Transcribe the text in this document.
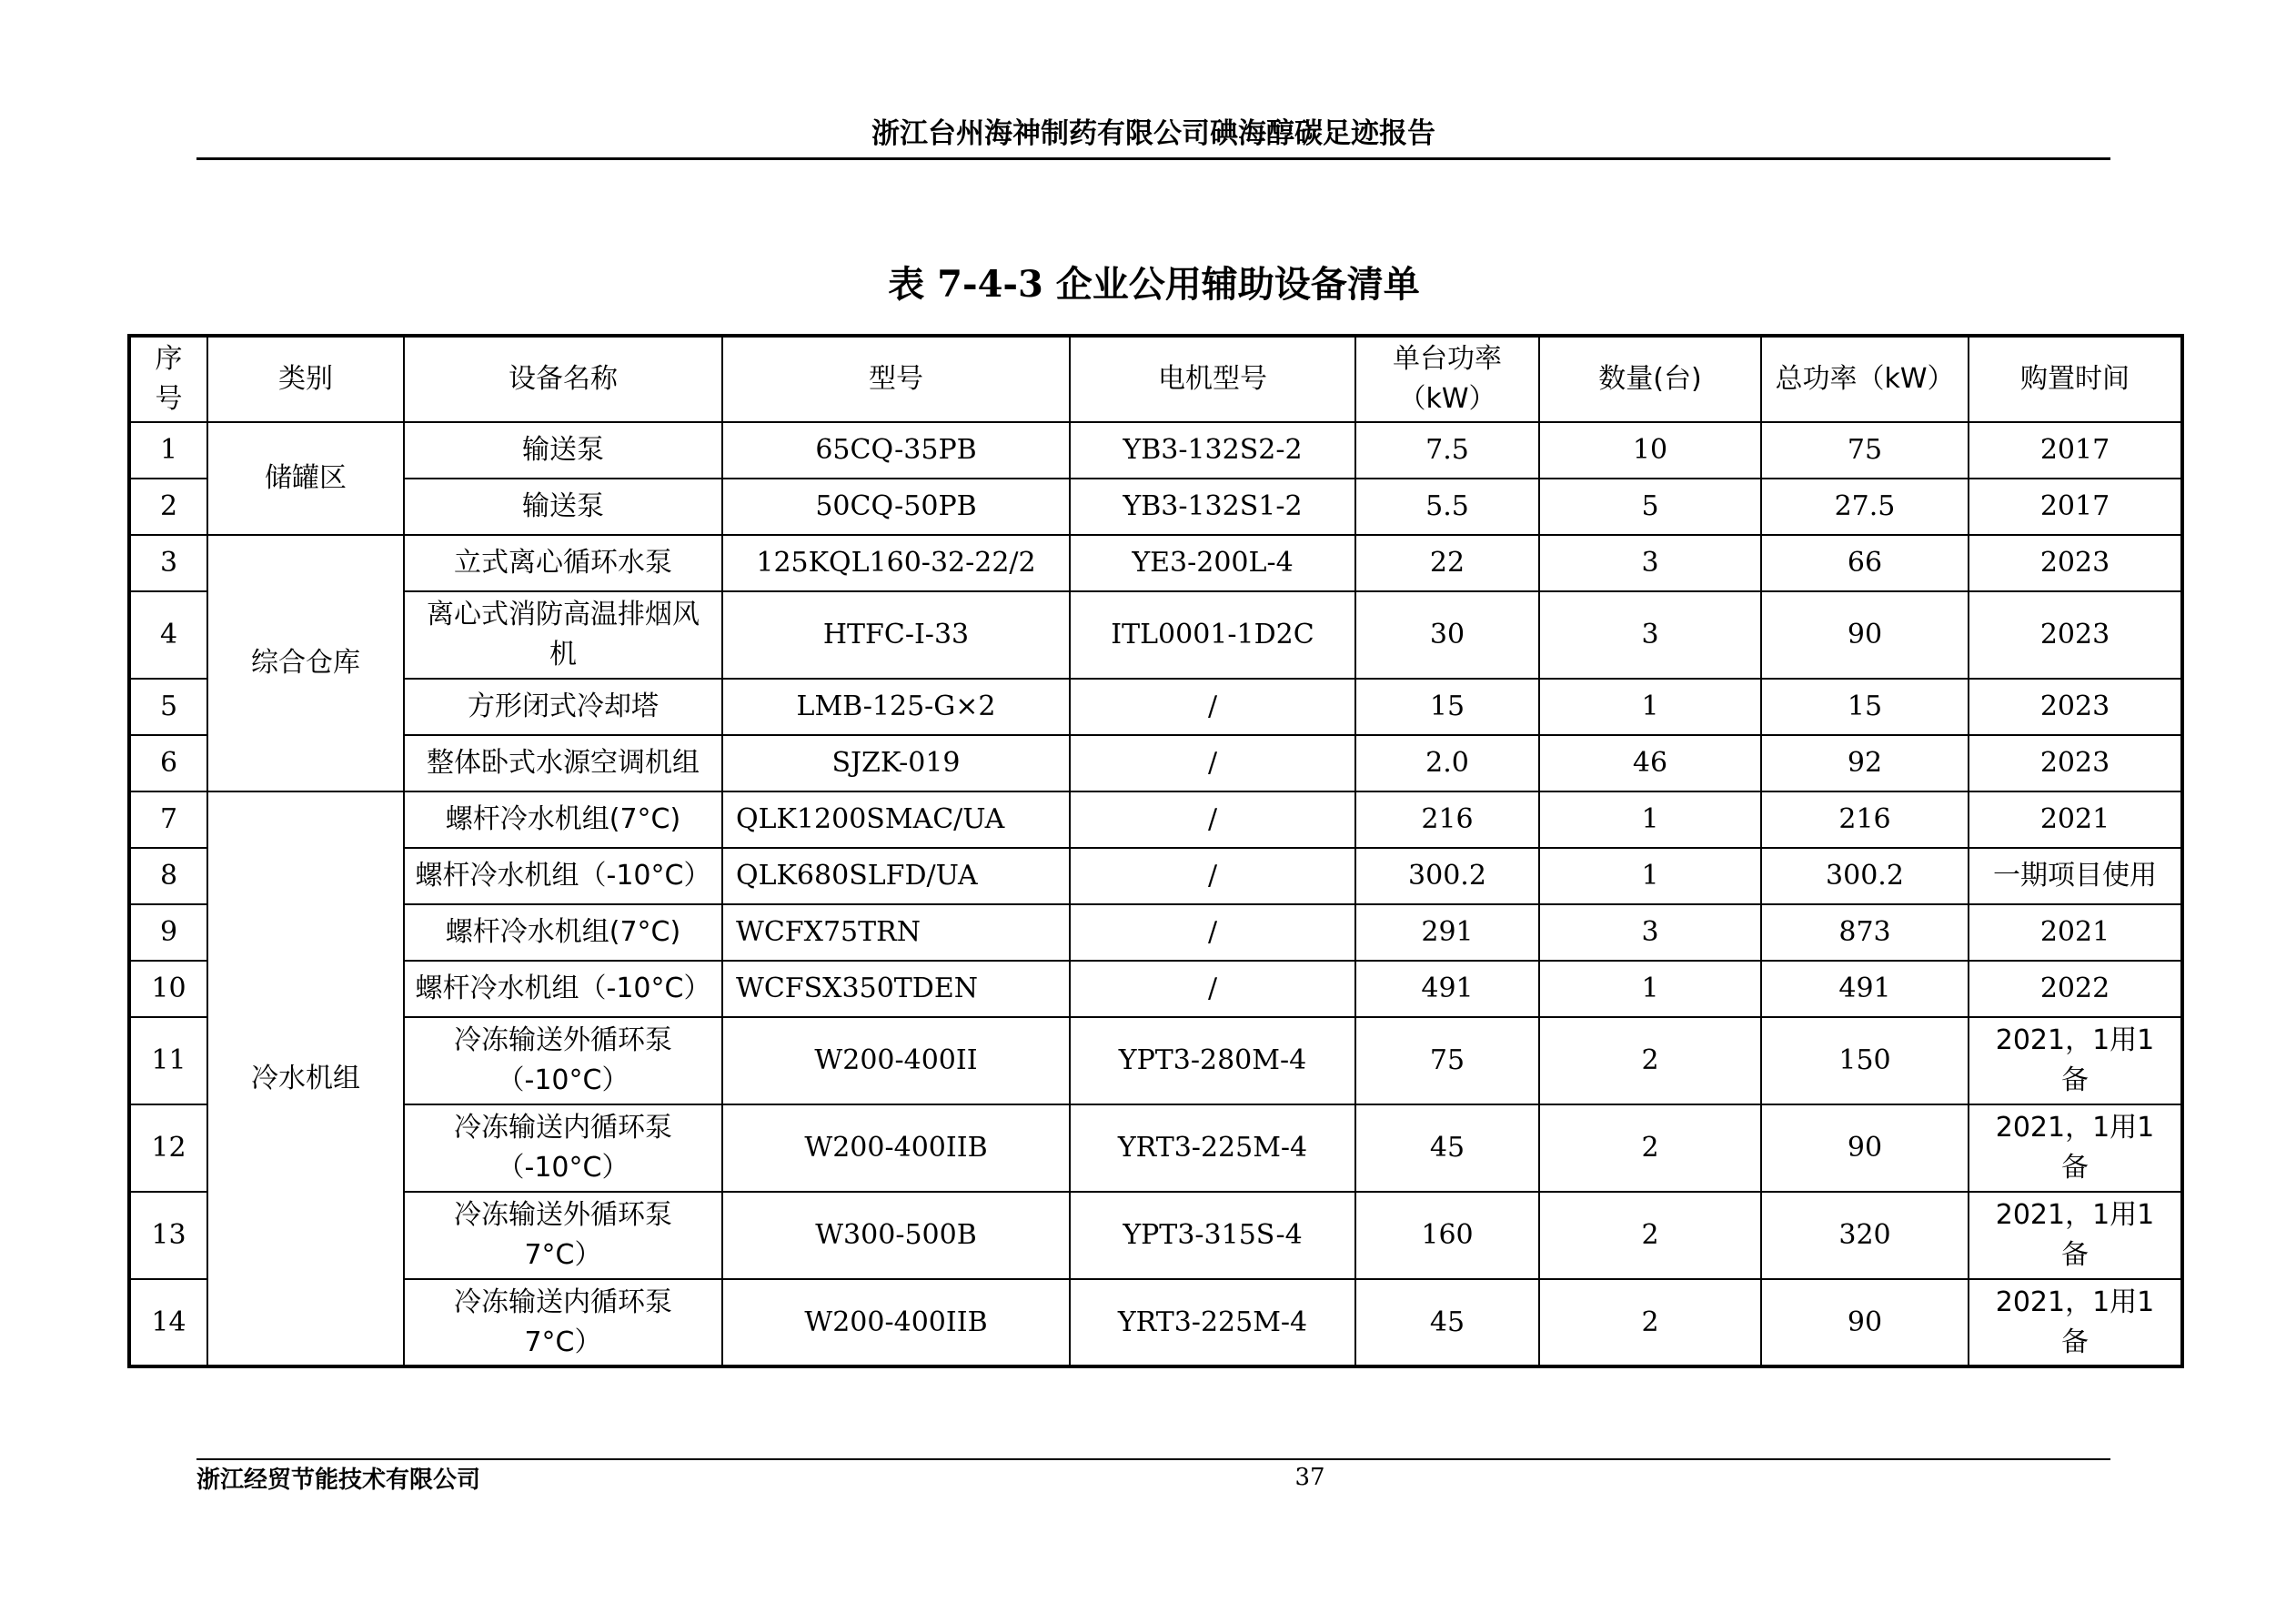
浙江台州海神制药有限公司碘海醇碳足迹报告
表 7-4-3 企业公用辅助设备清单
序号	类别	设备名称	型号	电机型号	单台功率（kW）	数量(台)	总功率（kW）	购置时间
1	储罐区	输送泵	65CQ-35PB	YB3-132S2-2	7.5	10	75	2017
2		输送泵	50CQ-50PB	YB3-132S1-2	5.5	5	27.5	2017
3	综合仓库	立式离心循环水泵	125KQL160-32-22/2	YE3-200L-4	22	3	66	2023
4		离心式消防高温排烟风机	HTFC-I-33	ITL0001-1D2C	30	3	90	2023
5		方形闭式冷却塔	LMB-125-G×2	/	15	1	15	2023
6		整体卧式水源空调机组	SJZK-019	/	2.0	46	92	2023
7	冷水机组	螺杆冷水机组(7°C)	QLK1200SMAC/UA	/	216	1	216	2021
8		螺杆冷水机组（-10°C）	QLK680SLFD/UA	/	300.2	1	300.2	一期项目使用
9		螺杆冷水机组(7°C)	WCFX75TRN	/	291	3	873	2021
10		螺杆冷水机组（-10°C）	WCFSX350TDEN	/	491	1	491	2022
11		冷冻输送外循环泵（-10°C）	W200-400II	YPT3-280M-4	75	2	150	2021，1用1备
12		冷冻输送内循环泵（-10°C）	W200-400IIB	YRT3-225M-4	45	2	90	2021，1用1备
13		冷冻输送外循环泵7°C）	W300-500B	YPT3-315S-4	160	2	320	2021，1用1备
14		冷冻输送内循环泵7°C）	W200-400IIB	YRT3-225M-4	45	2	90	2021，1用1备
浙江经贸节能技术有限公司	37
